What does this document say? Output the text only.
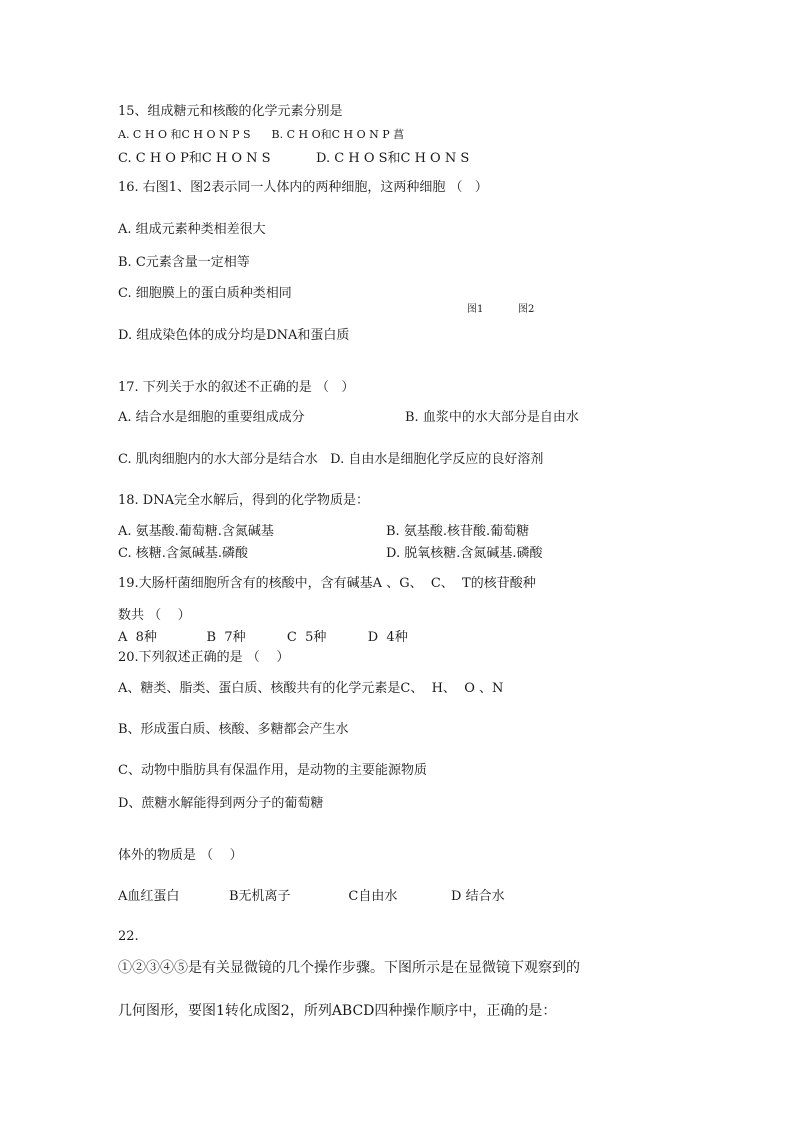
15、组成糖元和核酸的化学元素分别是
A. C H O 和C H O N P S      B. C H O和C H O N P 菖
C. C H O P和C H O N S           D. C H O S和C H O N S
16. 右图1、图2表示同一人体内的两种细胞，这两种细胞 （   ）
A. 组成元素种类相差很大
B. C元素含量一定相等
C. 细胞膜上的蛋白质种类相同
图1	图2
D. 组成染色体的成分均是DNA和蛋白质
17. 下列关于水的叙述不正确的是 （   ）
A. 结合水是细胞的重要组成成分	B. 血浆中的水大部分是自由水
C. 肌肉细胞内的水大部分是结合水   D. 自由水是细胞化学反应的良好溶剂
18. DNA完全水解后，得到的化学物质是：
A. 氨基酸.葡萄糖.含氮碱基	B. 氨基酸.核苷酸.葡萄糖
C. 核糖.含氮碱基.磷酸	D. 脱氧核糖.含氮碱基.磷酸
19.大肠杆菌细胞所含有的核酸中，含有碱基A 、G、  C、  T的核苷酸种
数共 （    ）
A  8种            B  7种          C  5种          D  4种
20.下列叙述正确的是 （    ）
A、糖类、脂类、蛋白质、核酸共有的化学元素是C、  H、  O 、N
B、形成蛋白质、核酸、多糖都会产生水
C、动物中脂肪具有保温作用，是动物的主要能源物质
D、蔗糖水解能得到两分子的葡萄糖
体外的物质是 （    ）
A血红蛋白            B无机离子              C自由水             D 结合水
22.
①②③④⑤是有关显微镜的几个操作步骤。下图所示是在显微镜下观察到的
几何图形，要图1转化成图2，所列ABCD四种操作顺序中，正确的是：
